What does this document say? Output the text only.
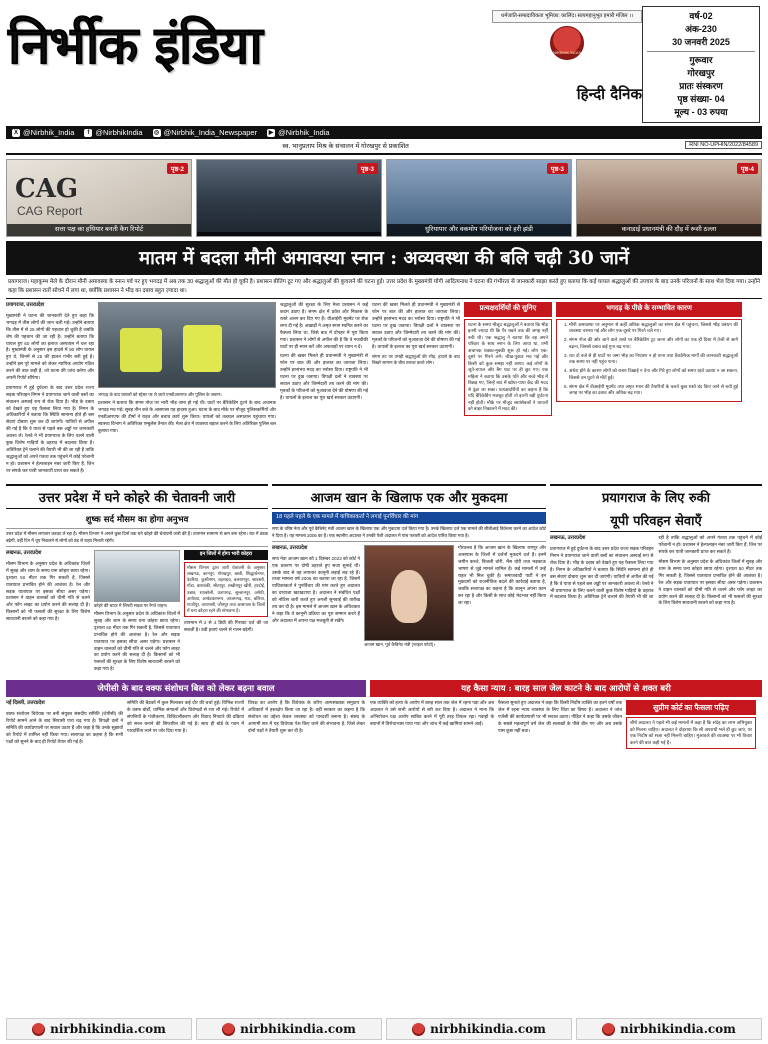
निर्भीक इंडिया	धर्मजाति-सम्प्रदायिकता भूमिका: कालिंद। सत्यमहानुभूत हमारी मंजिल ।।
NIRBHIK INDIA
हिन्दी दैनिक
वर्ष-02
अंक-230
30 जनवरी 2025
गुरूवार
गोरखपुर
प्रातः संस्करण
पृष्ठ संख्या- 04
मूल्य - 03 रुपया
X @Nirbhik_India	f @NirbhikIndia ◎ @Nirbhik_India_Newspaper ▶ @Nirbhik_India
RNI NO-UPHIN/2022/84589
स्व. भानुप्रताप मिश्र के संचालन में गोरखपुर से प्रकाशित
CAG
CAG Report
पृष्ठ-2
सत्ता पक्ष का हथियार बनती कैग रिपोर्ट
पृष्ठ-3	पृष्ठ-3
धुरियापार और वकमोप परियोजना को हरी झंडी
पृष्ठ-4
कनाडाई प्रधानमंत्री की दौड़ में रूसी ठल्ला
मातम में बदला मौनी अमावस्या स्नान : अव्यवस्था की बलि चढ़ी 30 जानें
प्रयागराज। महाकुम्भ मेले के दौरान मौनी अमावस्या के स्नान पर्व पर हुए भगदड़ में अब तक 30 श्रद्धालुओं की मौत हो चुकी है। प्रशासन बीतिंग टूट गए और श्रद्धालुओं की कुचलने की घटना हुई। उत्तर प्रदेश के मुख्यमंत्री योगी आदित्यनाथ ने घटना की गंभीरता से जानकारी साझा करते हुए बताया कि कई घायल श्रद्धालुओं की उपचार के बाद उनके परिजनों के साथ भेज दिया गया। उन्होंने कहा कि प्रशासन रातों सोचने में लगा था, क्योंकि प्रशासन ने भीड़ का दबाव बहुत ज़्यादा था।

प्रयागराज, उत्तरप्रदेश

मुख्यमंत्री ने घटना की जानकारी देते हुए कहा कि भगदड़ में तीस लोगों की जान चली गई। उन्होंने बताया कि तीस में से 25 लोगों की पहचान हो चुकी है जबकि शेष की पहचान की जा रही है। उन्होंने बताया कि घायल हुए 60 लोगों का इलाज अस्पताल में चल रहा है। मुख्यमंत्री के अनुसार इस हादसे में 90 लोग घायल हुए थे, जिनमें से 25 की हालत गंभीर बनी हुई है। उन्होंने इस पूरे मामले को लेकर न्यायिक आयोग गठित करने की बात कही है, जो घटना की जांच करेगा और अपनी रिपोर्ट सौंपेगा।

प्रयागराज में हुई दुर्घटना के बाद उत्तर प्रदेश राज्य सड़क परिवहन निगम ने प्रयागराज जाने वाली बसों का संचालन अस्थाई रूप से रोक दिया है। भीड़ के दबाव को देखते हुए यह फैसला लिया गया है। निगम के अधिकारियों ने बताया कि स्थिति सामान्य होते ही बस सेवाएं दोबारा शुरू कर दी जाएंगी। यात्रियों से अपील की गई है कि वे यात्रा से पहले बस अड्डों पर जानकारी अवश्य लें। रेलवे ने भी प्रयागराज के लिए चलने वाली कुछ विशेष गाड़ियों के ठहराव में बदलाव किया है। अतिरिक्त ट्रेनें चलाने की तैयारी भी की जा रही है ताकि श्रद्धालुओं को अपने गंतव्य तक पहुंचने में कोई परेशानी न हो। प्रशासन ने हेल्पलाइन नंबर जारी किए हैं, जिन पर संपर्क कर यात्री जानकारी प्राप्त कर सकते हैं।

भगदड़ के बाद घायलों को स्ट्रेचर पर ले जाते एनडीआरएफ और पुलिस के जवान।

प्रशासन ने बताया कि संगम नोज़ पर भारी भीड़ जमा हो गई थी। घाटों पर बैरिकेडिंग टूटने के बाद अचानक भगदड़ मच गई। सुबह तीन बजे के आसपास यह हादसा हुआ। घटना के बाद मौके पर मौजूद पुलिसकर्मियों और एनडीआरएफ की टीमों ने राहत और बचाव कार्य शुरू किया। घायलों को तत्काल अस्पताल पहुंचाया गया। स्वास्थ्य विभाग ने अतिरिक्त एम्बुलेंस तैनात की। मेला क्षेत्र में व्यवस्था बहाल करने के लिए अतिरिक्त पुलिस बल बुलाया गया।

श्रद्धालुओं की सुरक्षा के लिए मेला प्रशासन ने कई कदम उठाए हैं। संगम क्षेत्र में प्रवेश और निकास के रास्ते अलग कर दिए गए हैं। वीआईपी मूवमेंट पर रोक लगा दी गई है। अखाड़ों ने अमृत स्नान स्थगित करने का फैसला लिया था, जिसे बाद में दोपहर में पूरा किया गया। प्रशासन ने लोगों से अपील की है कि वे नजदीकी घाटों पर ही स्नान करें और अफवाहों पर ध्यान न दें।

घटना की खबर मिलते ही प्रधानमंत्री ने मुख्यमंत्री से फोन पर बात की और हालात का जायजा लिया। उन्होंने हरसंभव मदद का भरोसा दिया। राष्ट्रपति ने भी घटना पर दुख जताया। विपक्षी दलों ने व्यवस्था पर सवाल उठाए और जिम्मेदारी तय करने की मांग की। मृतकों के परिजनों को मुआवजा देने की घोषणा की गई है। घायलों के इलाज का पूरा खर्च सरकार उठाएगी।

घटना की खबर मिलते ही प्रधानमंत्री ने मुख्यमंत्री से फोन पर बात की और हालात का जायजा लिया। उन्होंने हरसंभव मदद का भरोसा दिया। राष्ट्रपति ने भी घटना पर दुख जताया। विपक्षी दलों ने व्यवस्था पर सवाल उठाए और जिम्मेदारी तय करने की मांग की। मृतकों के परिजनों को मुआवजा देने की घोषणा की गई है। घायलों के इलाज का पूरा खर्च सरकार उठाएगी।

संगम तट पर उमड़ी श्रद्धालुओं की भीड़, हादसे के बाद बिखरे सामान के बीच तलाश करते लोग।
प्रत्यक्षदर्शियों की सुनिए
घटना के समय मौजूद श्रद्धालुओं ने बताया कि भीड़ इतनी ज्यादा थी कि पैर रखने तक की जगह नहीं बची थी। एक श्रद्धालु ने बताया कि वह अपने परिवार के साथ स्नान के लिए आया था, तभी अचानक धक्का-मुक्की शुरू हो गई। लोग एक-दूसरे पर गिरने लगे। चीख-पुकार मच गई और किसी को कुछ समझ नहीं आया। कई लोगों के जूते-चप्पल और बैग घाट पर ही छूट गए। एक महिला ने बताया कि उसके पति और बच्चे भीड़ में बिछड़ गए, जिन्हें बाद में खोया-पाया केंद्र की मदद से ढूंढा जा सका। प्रत्यक्षदर्शियों का कहना है कि यदि बैरिकेडिंग मजबूत होती तो इतनी बड़ी दुर्घटना नहीं होती। मौके पर मौजूद स्वयंसेवकों ने घायलों को बाहर निकालने में मदद की।
भगदड़ के पीछे के सम्भावित कारण
1. मौनी अमावस्या पर अनुमान से कहीं अधिक श्रद्धालुओं का संगम क्षेत्र में पहुंचना, जिससे भीड़ प्रबंधन की व्यवस्था चरमरा गई और लोग एक-दूसरे पर गिरते चले गए।
2. संगम नोज की ओर जाने वाले रास्ते पर बैरिकेडिंग टूट जाना और लोगों का एक ही दिशा में तेजी से आगे बढ़ना, जिससे दबाव कई गुना बढ़ गया।
3. रात दो बजे से ही घाटों पर जमा भीड़ का नियंत्रण न हो पाना तथा वैकल्पिक मार्गों की जानकारी श्रद्धालुओं तक समय पर नहीं पहुंच पाना।
4. अंधेरा होने के कारण लोगों को रास्ता दिखाई न देना और गिरे हुए लोगों को समय रहते उठाया न जा सकना, जिससे दम घुटने से मौतें हुईं।
5. संगम क्षेत्र में वीआईपी मूवमेंट तथा अमृत स्नान की तैयारियों के चलते कुछ रास्ते बंद किए जाने से बची हुई जगह पर भीड़ का दबाव और अधिक बढ़ गया।
उत्तर प्रदेश में घने कोहरे की चेतावनी जारी
शुष्क सर्द मौसम का होगा अनुभव
उत्तर प्रदेश में मौसम लगातार करवट ले रहा है। मौसम विभाग ने अगले कुछ दिनों तक घने कोहरे की चेतावनी जारी की है। तापमान सामान्य से कम बना रहेगा। रात में ठंडक बढ़ेगी, वहीं दिन में धूप निकलने से लोगों को ठंड से राहत मिलती रहेगी।

लखनऊ, उत्तरप्रदेश

मौसम विभाग के अनुसार प्रदेश के अधिकांश जिलों में सुबह और शाम के समय घना कोहरा छाया रहेगा। दृश्यता 50 मीटर तक गिर सकती है, जिससे यातायात प्रभावित होने की आशंका है। रेल और सड़क यातायात पर इसका सीधा असर पड़ेगा। प्रशासन ने वाहन चालकों को धीमी गति से चलने और फॉग लाइट का प्रयोग करने की सलाह दी है। किसानों को भी फसलों की सुरक्षा के लिए विशेष सावधानी बरतने को कहा गया है।

कोहरे की चादर में लिपटी सड़क पर रेंगते वाहन।

मौसम विभाग के अनुसार प्रदेश के अधिकांश जिलों में सुबह और शाम के समय घना कोहरा छाया रहेगा। दृश्यता 50 मीटर तक गिर सकती है, जिससे यातायात प्रभावित होने की आशंका है। रेल और सड़क यातायात पर इसका सीधा असर पड़ेगा। प्रशासन ने वाहन चालकों को धीमी गति से चलने और फॉग लाइट का प्रयोग करने की सलाह दी है। किसानों को भी फसलों की सुरक्षा के लिए विशेष सावधानी बरतने को कहा गया है।

इन जिलों में होगा भारी कोहरा
मौसम विभाग द्वारा जारी चेतावनी के अनुसार लखनऊ, कानपुर, गोरखपुर, बस्ती, सिद्धार्थनगर, देवरिया, कुशीनगर, बहराइच, बलरामपुर, श्रावस्ती, गोंडा, बाराबंकी, सीतापुर, लखीमपुर खीरी, हरदोई, उन्नाव, रायबरेली, प्रतापगढ़, सुल्तानपुर, अमेठी, अयोध्या, अम्बेडकरनगर, आजमगढ़, मऊ, बलिया, गाजीपुर, वाराणसी, जौनपुर तथा आसपास के जिलों में घना कोहरा रहने की संभावना है।

तापमान में 2 से 4 डिग्री की गिरावट दर्ज की जा सकती है। ठंडी हवाएं चलने से गलन बढ़ेगी।

आजम खान के खिलाफ एक और मुकदमा
18 पहले पहले के एक मामले में याचिकाकर्ता ने लगाई पुनर्विचार की मांग
सपा के वरिष्ठ नेता और पूर्व कैबिनेट मंत्री आजम खान के खिलाफ एक और मुकदमा दर्ज किया गया है। उनके खिलाफ दर्ज एक मामले की सीबीआई विवेचना करने का आदेश कोर्ट ने दिया है। यह मामला 2006 का है। एक स्थानीय अदालत ने उनकी पेशी अदालत में पांच फरवरी को आदेश पारित किया गया है।

लखनऊ, उत्तरप्रदेश

सपा नेता आजम खान को 1 दिसंबर 2023 को कोर्ट ने एक प्रकरण पर दोषी ठहराते हुए सजा सुनाई थी। उसके बाद से वह लगातार कानूनी लड़ाई लड़ रहे हैं। ताजा मामला वर्ष 2006 का बताया जा रहा है, जिसमें याचिकाकर्ता ने पुनर्विचार की मांग करते हुए अदालत का दरवाजा खटखटाया है। अदालत ने संबंधित पक्षों को नोटिस जारी करते हुए अगली सुनवाई की तारीख तय कर दी है। इस मामले में आजम खान के अधिवक्ता ने कहा कि वे कानूनी प्रक्रिया का पूरा सम्मान करते हैं और अदालत में अपना पक्ष मजबूती से रखेंगे।

आजम खान, पूर्व कैबिनेट मंत्री (फाइल फोटो)।

गौरतलब है कि आजम खान के खिलाफ रामपुर और आसपास के जिलों में दर्जनों मुकदमे दर्ज हैं। इनमें जमीन कब्जे, बिजली चोरी, भैंस चोरी तथा भड़काऊ भाषण से जुड़े मामले शामिल हैं। कई मामलों में उन्हें राहत भी मिल चुकी है। समाजवादी पार्टी ने इन मुकदमों को राजनीतिक बदले की कार्रवाई बताया है, जबकि सत्तापक्ष का कहना है कि कानून अपना काम कर रहा है और किसी के साथ कोई भेदभाव नहीं किया जा रहा।

प्रयागराज के लिए रुकी
यूपी परिवहन सेवाएँ

लखनऊ, उत्तरप्रदेश

प्रयागराज में हुई दुर्घटना के बाद उत्तर प्रदेश राज्य सड़क परिवहन निगम ने प्रयागराज जाने वाली बसों का संचालन अस्थाई रूप से रोक दिया है। भीड़ के दबाव को देखते हुए यह फैसला लिया गया है। निगम के अधिकारियों ने बताया कि स्थिति सामान्य होते ही बस सेवाएं दोबारा शुरू कर दी जाएंगी। यात्रियों से अपील की गई है कि वे यात्रा से पहले बस अड्डों पर जानकारी अवश्य लें। रेलवे ने भी प्रयागराज के लिए चलने वाली कुछ विशेष गाड़ियों के ठहराव में बदलाव किया है। अतिरिक्त ट्रेनें चलाने की तैयारी भी की जा रही है ताकि श्रद्धालुओं को अपने गंतव्य तक पहुंचने में कोई परेशानी न हो। प्रशासन ने हेल्पलाइन नंबर जारी किए हैं, जिन पर संपर्क कर यात्री जानकारी प्राप्त कर सकते हैं।

मौसम विभाग के अनुसार प्रदेश के अधिकांश जिलों में सुबह और शाम के समय घना कोहरा छाया रहेगा। दृश्यता 50 मीटर तक गिर सकती है, जिससे यातायात प्रभावित होने की आशंका है। रेल और सड़क यातायात पर इसका सीधा असर पड़ेगा। प्रशासन ने वाहन चालकों को धीमी गति से चलने और फॉग लाइट का प्रयोग करने की सलाह दी है। किसानों को भी फसलों की सुरक्षा के लिए विशेष सावधानी बरतने को कहा गया है।

जेपीसी के बाद वक्फ संशोधन बिल को लेकर बढ़ना बवाल

नई दिल्ली, उत्तरप्रदेश

वक्फ संशोधन विधेयक पर बनी संयुक्त संसदीय समिति (जेपीसी) की रिपोर्ट सामने आने के बाद सियासी पारा चढ़ गया है। विपक्षी दलों ने समिति की कार्यप्रणाली पर सवाल उठाए हैं और कहा है कि उनके सुझावों को रिपोर्ट में शामिल नहीं किया गया। सत्तापक्ष का कहना है कि सभी पक्षों को सुनने के बाद ही रिपोर्ट तैयार की गई है।

समिति की बैठकों में कुल मिलाकर कई दौर की चर्चा हुई। विभिन्न राज्यों के वक्फ बोर्डों, धार्मिक संगठनों और विशेषज्ञों से राय ली गई। रिपोर्ट में संपत्तियों के पंजीकरण, डिजिटलीकरण और विवाद निपटारे की प्रक्रिया को सरल बनाने की सिफारिश की गई है। साथ ही बोर्ड के गठन में पारदर्शिता लाने पर जोर दिया गया है।

विपक्ष का आरोप है कि विधेयक के जरिए अल्पसंख्यक समुदाय के अधिकारों में हस्तक्षेप किया जा रहा है। वहीं सरकार का कहना है कि संशोधन का उद्देश्य केवल व्यवस्था को पारदर्शी बनाना है। संसद के आगामी सत्र में यह विधेयक पेश किए जाने की संभावना है, जिसे लेकर दोनों पक्षों ने तैयारी शुरू कर दी है।

यह कैसा न्याय : बारह साल जेल काटने के बाद आरोपों से शक्त बरी

एक व्यक्ति को हत्या के आरोप में बारह साल तक जेल में रहना पड़ा और अब अदालत ने उसे सभी आरोपों से बरी कर दिया है। अदालत ने माना कि अभियोजन पक्ष आरोप साबित करने में पूरी तरह विफल रहा। गवाहों के बयानों में विरोधाभास पाया गया और जांच में कई खामियां सामने आईं।

फैसला सुनाते हुए अदालत ने कहा कि किसी निर्दोष व्यक्ति का इतने वर्षों तक जेल में रहना न्याय व्यवस्था के लिए चिंता का विषय है। अदालत ने जांच एजेंसी की कार्यप्रणाली पर भी सवाल उठाए। पीड़ित ने कहा कि उसके जीवन के सबसे महत्वपूर्ण वर्ष जेल की सलाखों के पीछे बीत गए और अब उसके पास कुछ नहीं बचा।

सुप्रीम कोर्ट का फैसला पढ़िए
शीर्ष अदालत ने पहले भी कई मामलों में कहा है कि संदेह का लाभ अभियुक्त को मिलना चाहिए। अदालत ने दोहराया कि सौ अपराधी भले ही छूट जाएं, पर एक निर्दोष को सजा नहीं मिलनी चाहिए। मुआवजे की व्यवस्था पर भी विचार करने की बात कही गई है।
nirbhikindia.com	nirbhikindia.com	nirbhikindia.com	nirbhikindia.com
